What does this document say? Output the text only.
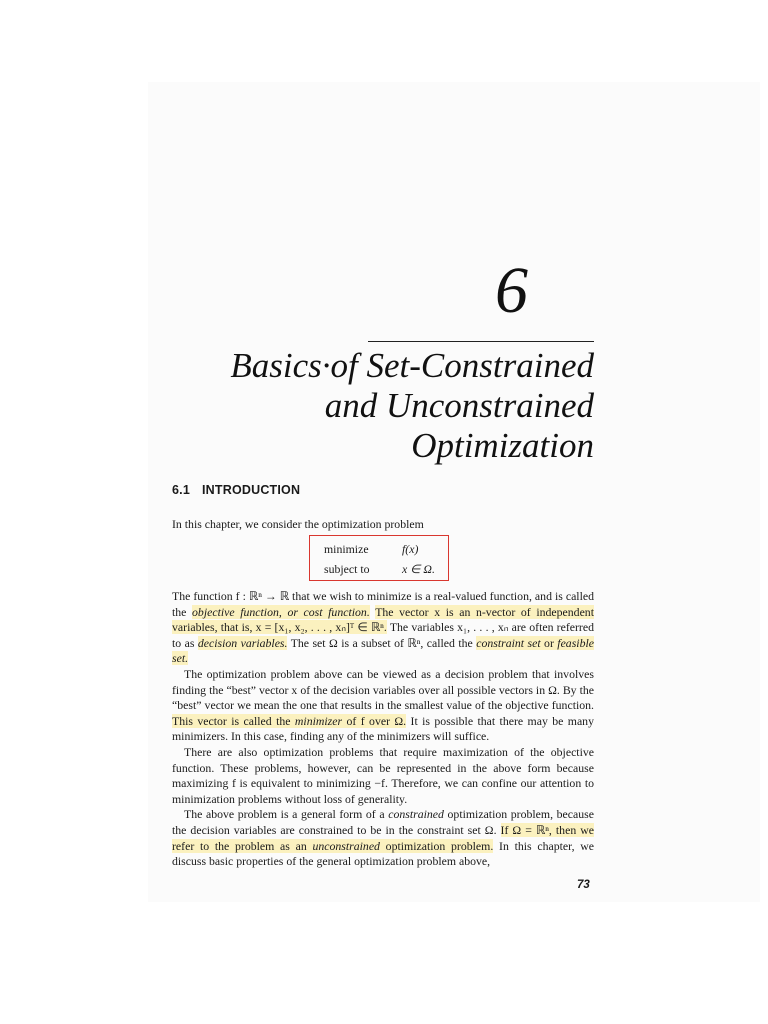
6
Basics·of Set-Constrained
and Unconstrained
Optimization
6.1 INTRODUCTION
In this chapter, we consider the optimization problem
minimize	f(x)
subject to	x ∈ Ω.

The function f : ℝⁿ → ℝ that we wish to minimize is a real-valued function, and is called the objective function, or cost function. The vector x is an n-vector of independent variables, that is, x = [x₁, x₂, . . . , xₙ]ᵀ ∈ ℝⁿ. The variables x₁, . . . , xₙ are often referred to as decision variables. The set Ω is a subset of ℝⁿ, called the constraint set or feasible set.

The optimization problem above can be viewed as a decision problem that involves finding the “best” vector x of the decision variables over all possible vectors in Ω. By the “best” vector we mean the one that results in the smallest value of the objective function. This vector is called the minimizer of f over Ω. It is possible that there may be many minimizers. In this case, finding any of the minimizers will suffice.

There are also optimization problems that require maximization of the objective function. These problems, however, can be represented in the above form because maximizing f is equivalent to minimizing −f. Therefore, we can confine our attention to minimization problems without loss of generality.

The above problem is a general form of a constrained optimization problem, because the decision variables are constrained to be in the constraint set Ω. If Ω = ℝⁿ, then we refer to the problem as an unconstrained optimization problem. In this chapter, we discuss basic properties of the general optimization problem above,

73
